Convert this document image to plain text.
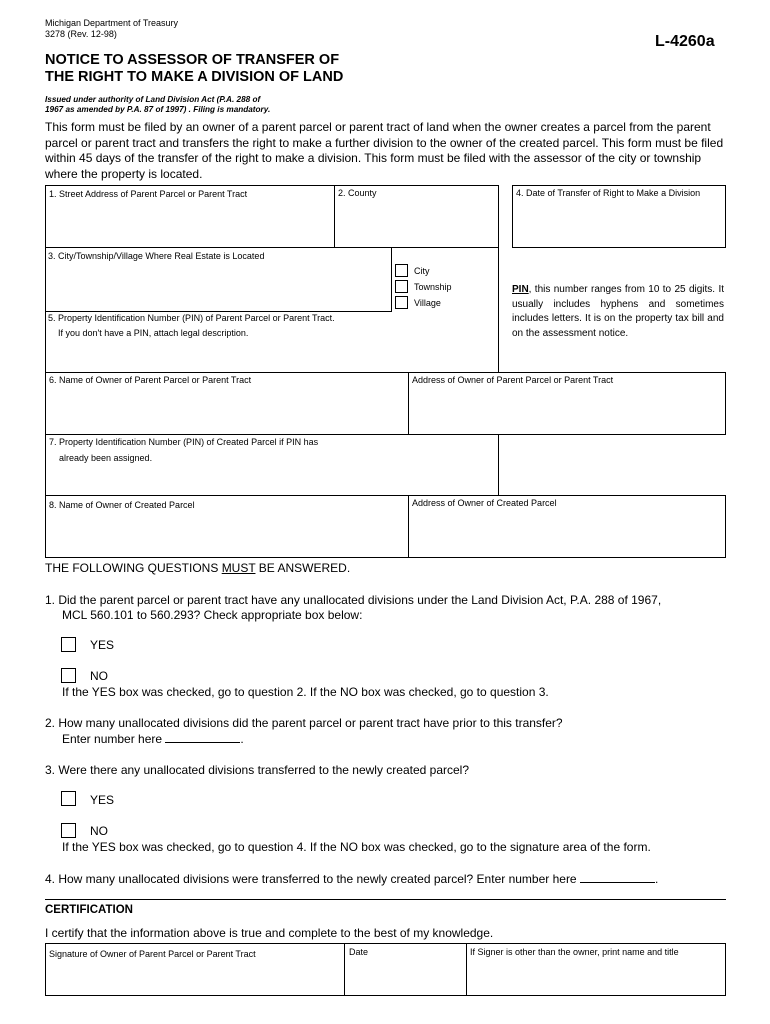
Michigan Department of Treasury
3278 (Rev. 12-98)	L-4260a
NOTICE TO ASSESSOR OF TRANSFER OF
THE RIGHT TO MAKE A DIVISION OF LAND
Issued under authority of Land Division Act (P.A. 288 of
1967 as amended by P.A. 87 of 1997) . Filing is mandatory.
This form must be filed by an owner of a parent parcel or parent tract of land when the owner creates a parcel from the parent parcel or parent tract and transfers the right to make a further division to the owner of the created parcel. This form must be filed within 45 days of the transfer of the right to make a division. This form must be filed with the assessor of the city or township where the property is located.
1. Street Address of Parent Parcel or Parent Tract	2. County	4. Date of Transfer of Right to Make a Division
3. City/Township/Village Where Real Estate is Located
City
Township
Village
5. Property Identification Number (PIN) of Parent Parcel or Parent Tract.
If you don't have a PIN, attach legal description.
PIN, this number ranges from 10 to 25 digits. It usually includes hyphens and sometimes includes letters. It is on the property tax bill and on the assessment notice.
6. Name of Owner of Parent Parcel or Parent Tract	Address of Owner of Parent Parcel or Parent Tract
7. Property Identification Number (PIN) of Created Parcel if PIN has
already been assigned.
8. Name of Owner of Created Parcel	Address of Owner of Created Parcel
THE FOLLOWING QUESTIONS MUST BE ANSWERED.
1. Did the parent parcel or parent tract have any unallocated divisions under the Land Division Act, P.A. 288 of 1967,
MCL 560.101 to 560.293? Check appropriate box below:
YES
NO
If the YES box was checked, go to question 2. If the NO box was checked, go to question 3.
2. How many unallocated divisions did the parent parcel or parent tract have prior to this transfer?
Enter number here	.
3. Were there any unallocated divisions transferred to the newly created parcel?
YES
NO
If the YES box was checked, go to question 4. If the NO box was checked, go to the signature area of the form.
4. How many unallocated divisions were transferred to the newly created parcel? Enter number here	.
CERTIFICATION
I certify that the information above is true and complete to the best of my knowledge.
Signature of Owner of Parent Parcel or Parent Tract	Date	If Signer is other than the owner, print name and title
